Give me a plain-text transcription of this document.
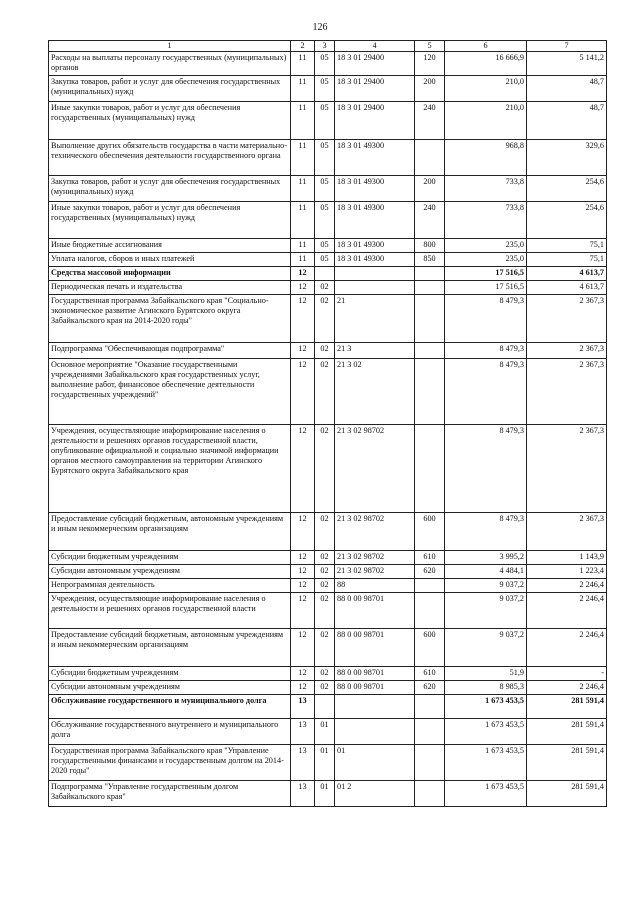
126
1	2	3	4	5	6	7
Расходы на выплаты персоналу государственных (муниципальных) органов	11	05	18 3 01 29400	120	16 666,9	5 141,2
Закупка товаров, работ и услуг для обеспечения государственных (муниципальных) нужд	11	05	18 3 01 29400	200	210,0	48,7
Иные закупки товаров, работ и услуг для обеспечения государственных (муниципальных) нужд	11	05	18 3 01 29400	240	210,0	48,7
Выполнение других обязательств государства в части материально-технического обеспечения деятельности государственного органа	11	05	18 3 01 49300		968,8	329,6
Закупка товаров, работ и услуг для обеспечения государственных (муниципальных) нужд	11	05	18 3 01 49300	200	733,8	254,6
Иные закупки товаров, работ и услуг для обеспечения государственных (муниципальных) нужд	11	05	18 3 01 49300	240	733,8	254,6
Иные бюджетные ассигнования	11	05	18 3 01 49300	800	235,0	75,1
Уплата налогов, сборов и иных платежей	11	05	18 3 01 49300	850	235,0	75,1
Средства массовой информации	12				17 516,5	4 613,7
Периодическая печать и издательства	12	02			17 516,5	4 613,7
Государственная программа Забайкальского края "Социально-экономическое развитие Агинского Бурятского округа Забайкальского края на 2014-2020 годы"	12	02	21		8 479,3	2 367,3
Подпрограмма "Обеспечивающая подпрограмма"	12	02	21 3		8 479,3	2 367,3
Основное мероприятие "Оказание государственными учреждениями Забайкальского края государственных услуг, выполнение работ, финансовое обеспечение деятельности государственных учреждений"	12	02	21 3 02		8 479,3	2 367,3
Учреждения, осуществляющие информирование населения о деятельности и решениях органов государственной власти, опубликование официальной и социально значимой информации органов местного самоуправления на территории Агинского Бурятского округа Забайкальского края	12	02	21 3 02 98702		8 479,3	2 367,3
Предоставление субсидий бюджетным, автономным учреждениям и иным некоммерческим организациям	12	02	21 3 02 98702	600	8 479,3	2 367,3
Субсидии бюджетным учреждениям	12	02	21 3 02 98702	610	3 995,2	1 143,9
Субсидии автономным учреждениям	12	02	21 3 02 98702	620	4 484,1	1 223,4
Непрограммная деятельность	12	02	88		9 037,2	2 246,4
Учреждения, осуществляющие информирование населения о деятельности и решениях органов государственной власти	12	02	88 0 00 98701		9 037,2	2 246,4
Предоставление субсидий бюджетным, автономным учреждениям и иным некоммерческим организациям	12	02	88 0 00 98701	600	9 037,2	2 246,4
Субсидии бюджетным учреждениям	12	02	88 0 00 98701	610	51,9	-
Субсидии автономным учреждениям	12	02	88 0 00 98701	620	8 985,3	2 246,4
Обслуживание государственного и муниципального долга	13				1 673 453,5	281 591,4
Обслуживание государственного внутреннего и муниципального долга	13	01			1 673 453,5	281 591,4
Государственная программа Забайкальского края "Управление государственными финансами и государственным долгом на 2014-2020 годы"	13	01	01		1 673 453,5	281 591,4
Подпрограмма "Управление государственным долгом Забайкальского края"	13	01	01 2		1 673 453,5	281 591,4
